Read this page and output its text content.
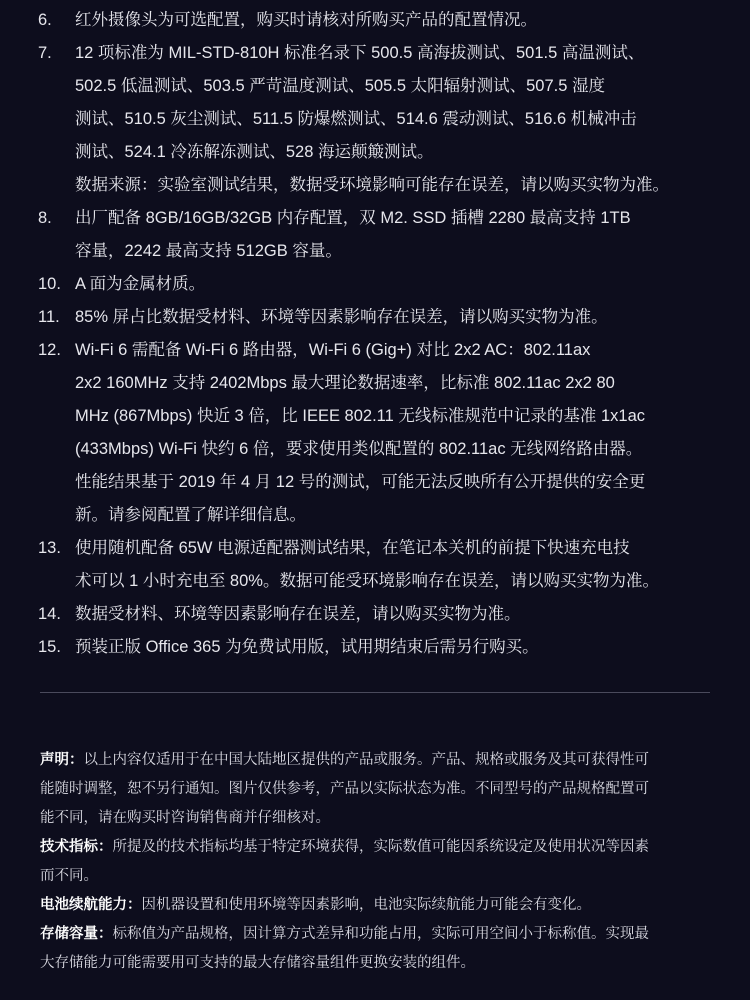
6.	红外摄像头为可选配置，购买时请核对所购买产品的配置情况。
7.	12 项标准为 MIL-STD-810H 标准名录下 500.5 高海拔测试、501.5 高温测试、
502.5 低温测试、503.5 严苛温度测试、505.5 太阳辐射测试、507.5 湿度
测试、510.5 灰尘测试、511.5 防爆燃测试、514.6 震动测试、516.6 机械冲击
测试、524.1 冷冻解冻测试、528 海运颠簸测试。
数据来源：实验室测试结果，数据受环境影响可能存在误差，请以购买实物为准。
8.	出厂配备 8GB/16GB/32GB 内存配置，双 M2. SSD 插槽 2280 最高支持 1TB
容量，2242 最高支持 512GB 容量。
10. A 面为金属材质。
11. 85% 屏占比数据受材料、环境等因素影响存在误差，请以购买实物为准。
12. Wi-Fi 6 需配备 Wi-Fi 6 路由器，Wi-Fi 6 (Gig+) 对比 2x2 AC：802.11ax
2x2 160MHz 支持 2402Mbps 最大理论数据速率，比标准 802.11ac 2x2 80
MHz (867Mbps) 快近 3 倍，比 IEEE 802.11 无线标准规范中记录的基准 1x1ac
(433Mbps) Wi-Fi 快约 6 倍，要求使用类似配置的 802.11ac 无线网络路由器。
性能结果基于 2019 年 4 月 12 号的测试，可能无法反映所有公开提供的安全更
新。请参阅配置了解详细信息。
13. 使用随机配备 65W 电源适配器测试结果，在笔记本关机的前提下快速充电技
术可以 1 小时充电至 80%。数据可能受环境影响存在误差，请以购买实物为准。
14. 数据受材料、环境等因素影响存在误差，请以购买实物为准。
15. 预装正版 Office 365 为免费试用版，试用期结束后需另行购买。
声明：以上内容仅适用于在中国大陆地区提供的产品或服务。产品、规格或服务及其可获得性可
能随时调整，恕不另行通知。图片仅供参考，产品以实际状态为准。不同型号的产品规格配置可
能不同，请在购买时咨询销售商并仔细核对。
技术指标：所提及的技术指标均基于特定环境获得，实际数值可能因系统设定及使用状况等因素
而不同。
电池续航能力：因机器设置和使用环境等因素影响，电池实际续航能力可能会有变化。
存储容量：标称值为产品规格，因计算方式差异和功能占用，实际可用空间小于标称值。实现最
大存储能力可能需要用可支持的最大存储容量组件更换安装的组件。
